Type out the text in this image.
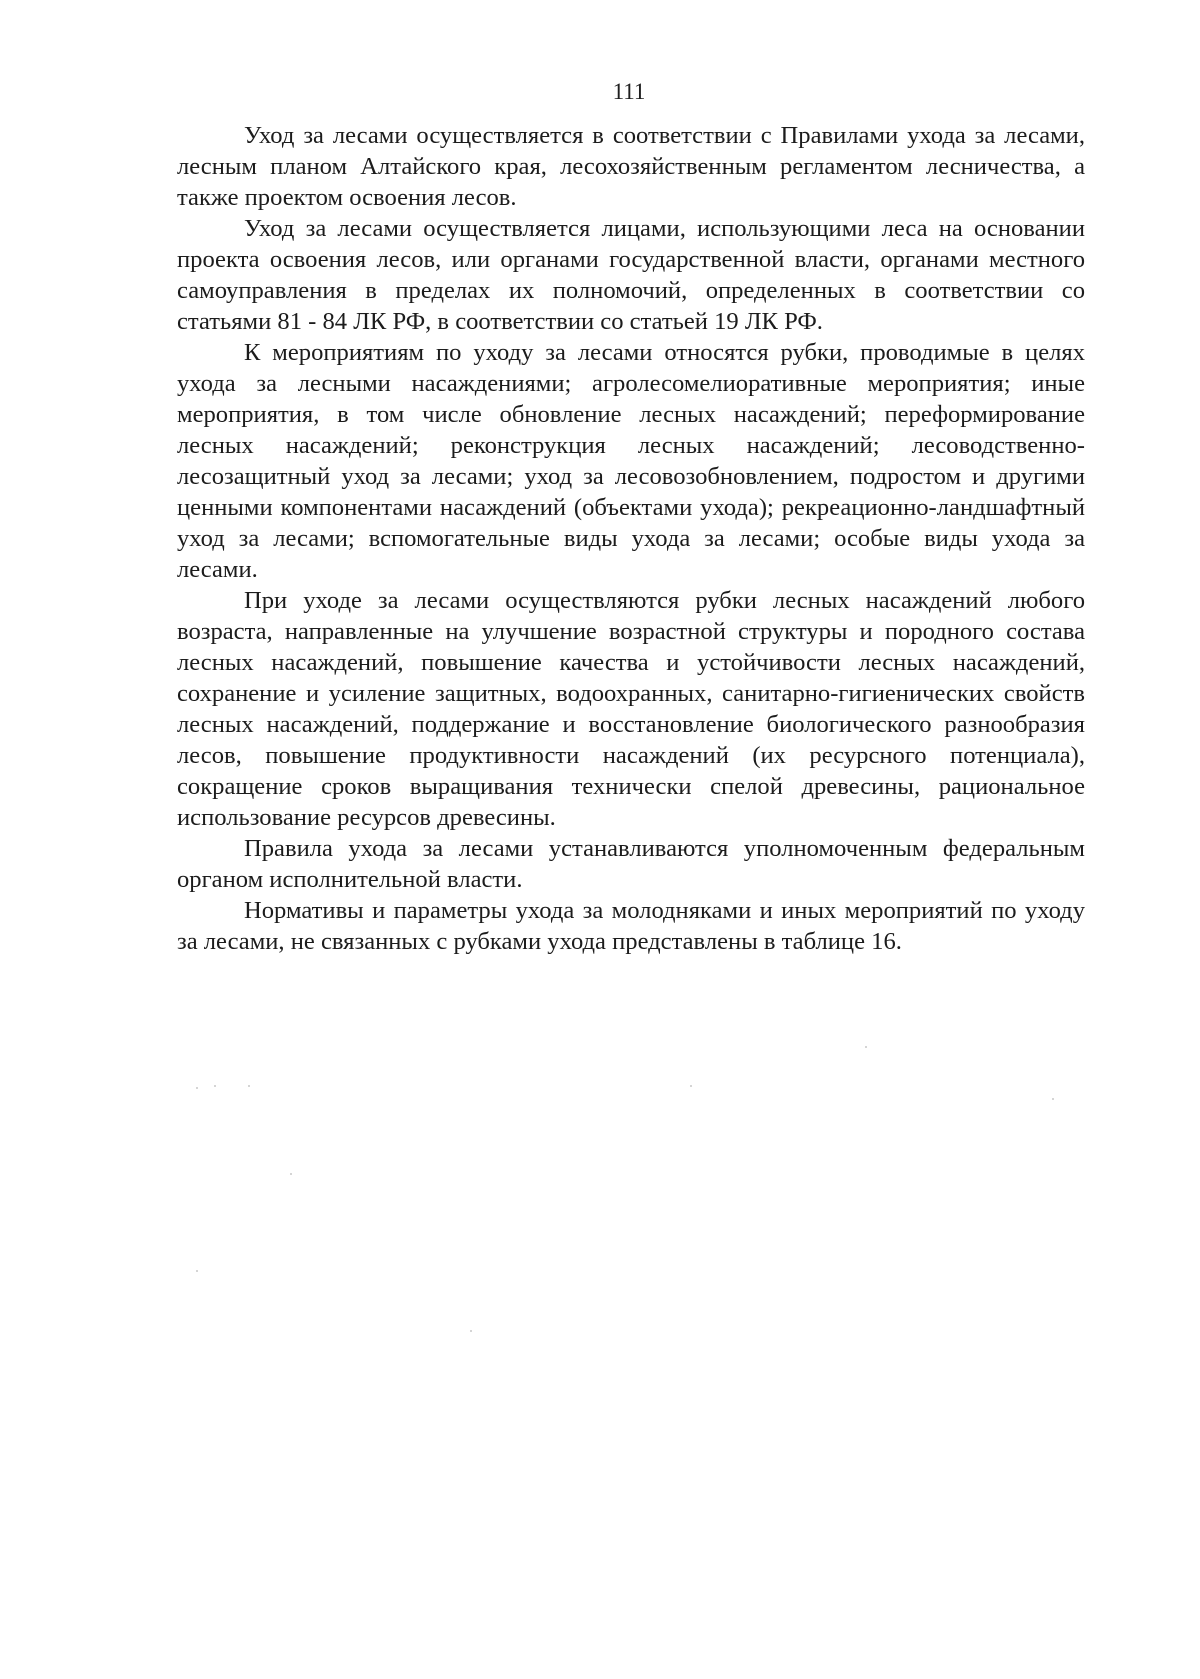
111

Уход за лесами осуществляется в соответствии с Правилами ухода за лесами, лесным планом Алтайского края, лесохозяйственным регламентом лесничества, а также проектом освоения лесов.

Уход за лесами осуществляется лицами, использующими леса на основании проекта освоения лесов, или органами государственной власти, органами местного самоуправления в пределах их полномочий, определенных в соответствии со статьями 81 - 84 ЛК РФ, в соответствии со статьей 19 ЛК РФ.

К мероприятиям по уходу за лесами относятся рубки, проводимые в целях ухода за лесными насаждениями; агролесомелиоративные мероприятия; иные мероприятия, в том числе обновление лесных насаждений; переформирование лесных насаждений; реконструкция лесных насаждений; лесоводственно-лесозащитный уход за лесами; уход за лесовозобновлением, подростом и другими ценными компонентами насаждений (объектами ухода); рекреационно-ландшафтный уход за лесами; вспомогательные виды ухода за лесами; особые виды ухода за лесами.

При уходе за лесами осуществляются рубки лесных насаждений любого возраста, направленные на улучшение возрастной структуры и породного состава лесных насаждений, повышение качества и устойчивости лесных насаждений, сохранение и усиление защитных, водоохранных, санитарно-гигиенических свойств лесных насаждений, поддержание и восстановление биологического разнообразия лесов, повышение продуктивности насаждений (их ресурсного потенциала), сокращение сроков выращивания технически спелой древесины, рациональное использование ресурсов древесины.

Правила ухода за лесами устанавливаются уполномоченным федеральным органом исполнительной власти.

Нормативы и параметры ухода за молодняками и иных мероприятий по уходу за лесами, не связанных с рубками ухода представлены в таблице 16.
